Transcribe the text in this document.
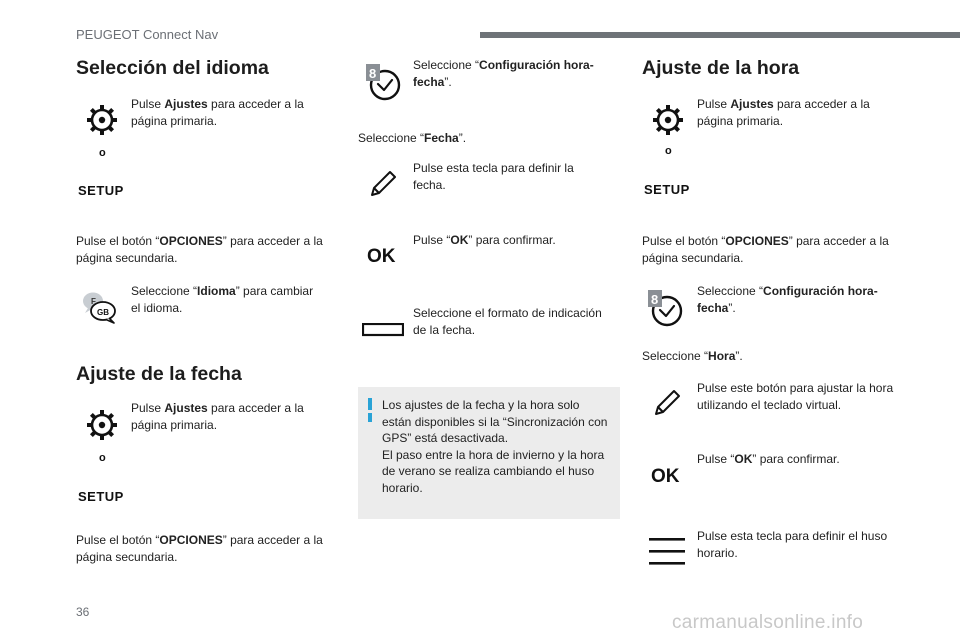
PEUGEOT Connect Nav
Selección del idioma
Pulse Ajustes para acceder a la
página primaria.
o
SETUP
Pulse el botón “OPCIONES” para acceder a la
página secundaria.
F
GB
Seleccione “Idioma” para cambiar
el idioma.
Ajuste de la fecha
Pulse Ajustes para acceder a la
página primaria.
o
SETUP
Pulse el botón “OPCIONES” para acceder a la
página secundaria.
8
Seleccione “Configuración hora-
fecha”.
Seleccione “Fecha”.
Pulse esta tecla para definir la
fecha.
OK
Pulse “OK” para confirmar.
Seleccione el formato de indicación
de la fecha.
Los ajustes de la fecha y la hora solo
están disponibles si la “Sincronización con
GPS” está desactivada.
El paso entre la hora de invierno y la hora
de verano se realiza cambiando el huso
horario.
Ajuste de la hora
Pulse Ajustes para acceder a la
página primaria.
o
SETUP
Pulse el botón “OPCIONES” para acceder a la
página secundaria.
8
Seleccione “Configuración hora-
fecha”.
Seleccione “Hora”.
Pulse este botón para ajustar la hora
utilizando el teclado virtual.
OK
Pulse “OK” para confirmar.
Pulse esta tecla para definir el huso
horario.
36	carmanualsonline.info
